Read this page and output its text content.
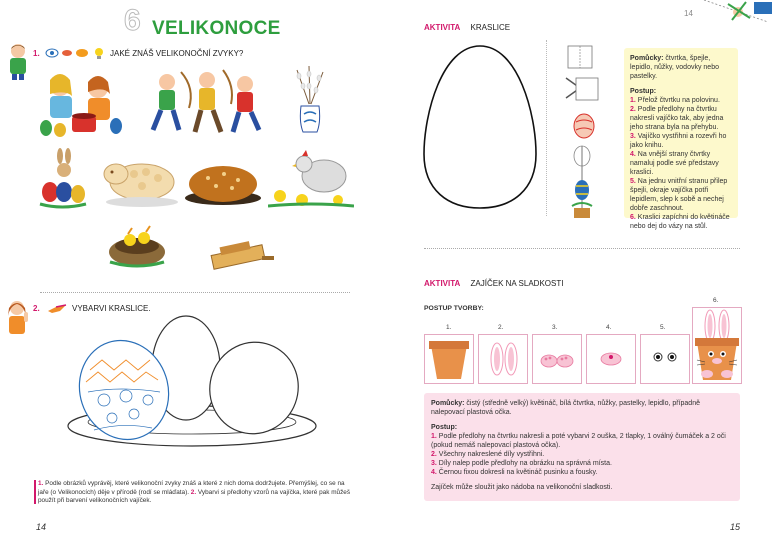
6 VELIKONOCE
1.	JAKÉ ZNÁŠ VELIKONOČNÍ ZVYKY?
2.	VYBARVI KRASLICE.
1. Podle obrázků vyprávěj, které velikonoční zvyky znáš a které z nich doma dodržujete. Přemýšlej, co se na jaře (o Velikonocích) děje v přírodě (rodí se mláďata). 2. Vybarvi si předlohy vzorů na vajíčka, které pak můžeš použít při barvení velikonočních vajíček.
14
14
AKTIVITA KRASLICE
Pomůcky: čtvrtka, špejle, lepidlo, nůžky, vodovky nebo pastelky.
Postup:
1. Přelož čtvrtku na polovinu.
2. Podle předlohy na čtvrtku nakresli vajíčko tak, aby jedna jeho strana byla na přehybu.
3. Vajíčko vystřihni a rozevři ho jako knihu.
4. Na vnější strany čtvrtky namaluj podle své představy kraslici.
5. Na jednu vnitřní stranu přilep špejli, okraje vajíčka potři lepidlem, slep k sobě a nechej dobře zaschnout.
6. Kraslici zapíchni do květináče nebo dej do vázy na stůl.
AKTIVITA ZAJÍČEK NA SLADKOSTI
POSTUP TVORBY:
1.	2.	3.	4.	5.
6.
Pomůcky: čistý (středně velký) květináč, bílá čtvrtka, nůžky, pastelky, lepidlo, případně nalepovací plastová očka.
Postup:
1. Podle předlohy na čtvrtku nakresli a poté vybarvi 2 ouška, 2 tlapky, 1 oválný čumáček a 2 oči (pokud nemáš nalepovací plastová očka).
2. Všechny nakreslené díly vystřihni.
3. Díly nalep podle předlohy na obrázku na správná místa.
4. Černou fixou dokresli na květináč pusinku a fousky.
Zajíček může sloužit jako nádoba na velikonoční sladkosti.
15
